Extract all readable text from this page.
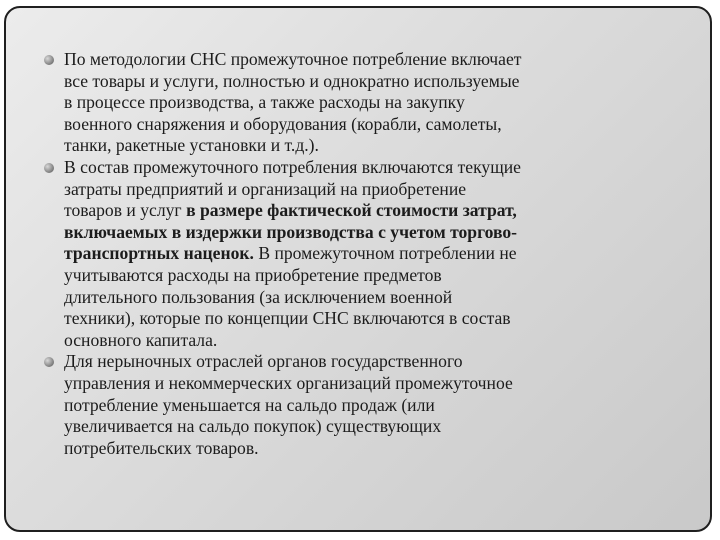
По методологии СНС промежуточное потребление включает
все товары и услуги, полностью и однократно используемые
в процессе производства, а также расходы на закупку
военного снаряжения и оборудования (корабли, самолеты,
танки, ракетные установки и т.д.).
В состав промежуточного потребления включаются текущие
затраты предприятий и организаций на приобретение
товаров и услуг в размере фактической стоимости затрат,
включаемых в издержки производства с учетом торгово-
транспортных наценок. В промежуточном потреблении не
учитываются расходы на приобретение предметов
длительного пользования (за исключением военной
техники), которые по концепции СНС включаются в состав
основного капитала.
Для нерыночных отраслей органов государственного
управления и некоммерческих организаций промежуточное
потребление уменьшается на сальдо продаж (или
увеличивается на сальдо покупок) существующих
потребительских товаров.
